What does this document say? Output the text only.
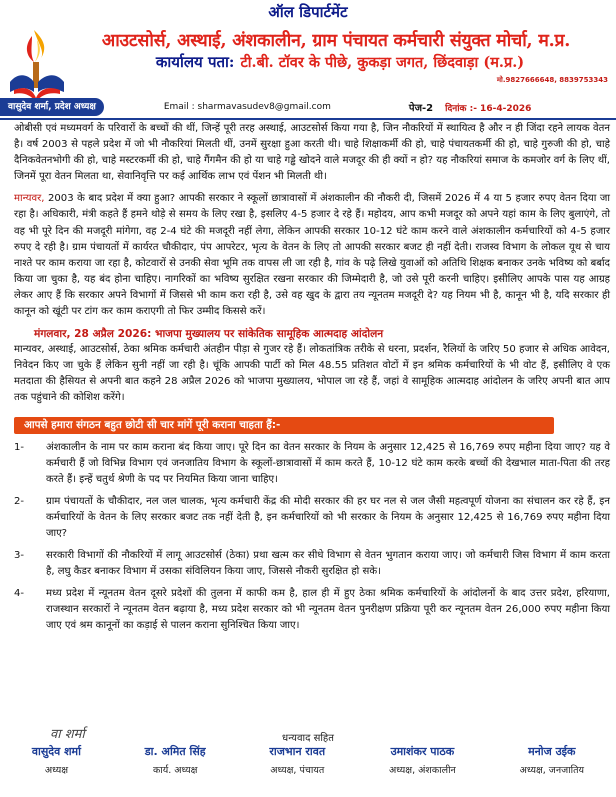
ऑल डिपार्टमेंट
आउटसोर्स, अस्थाई, अंशकालीन, ग्राम पंचायत कर्मचारी संयुक्त मोर्चा, म.प्र.
कार्यालय पता: टी.बी. टॉवर के पीछे, कुकड़ा जगत, छिंदवाड़ा (म.प्र.)
मो.9827666648, 8839753343
वासुदेव शर्मा, प्रदेश अध्यक्ष	Email : sharmavasudev8@gmail.com	पेज-2 दिनांक :- 16-4-2026

ओबीसी एवं मध्यमवर्ग के परिवारों के बच्चों की थीं, जिन्हें पूरी तरह अस्थाई, आउटसोर्स किया गया है, जिन नौकरियों में स्थायित्व है और न ही जिंदा रहने लायक वेतन है। वर्ष 2003 से पहले प्रदेश में जो भी नौकरियां मिलती थीं, उनमें सुरक्षा हुआ करती थी। चाहे शिक्षाकर्मी की हो, चाहे पंचायतकर्मी की हो, चाहे गुरुजी की हो, चाहे दैनिकवेतनभोगी की हो, चाहे मस्टरकर्मी की हो, चाहे गैंगमैन की हो या चाहे गड्ढे खोदने वाले मजदूर की ही क्यों न हो? यह नौकरियां समाज के कमजोर वर्ग के लिए थीं, जिनमें पूरा वेतन मिलता था, सेवानिवृत्ति पर कई आर्थिक लाभ एवं पेंशन भी मिलती थी।

मान्यवर, 2003 के बाद प्रदेश में क्या हुआ? आपकी सरकार ने स्कूलों छात्रावासों में अंशकालीन की नौकरी दी, जिसमें 2026 में 4 या 5 हजार रुपए वेतन दिया जा रहा है। अधिकारी, मंत्री कहते हैं हमने थोड़े से समय के लिए रखा है, इसलिए 4-5 हजार दे रहे हैं। महोदय, आप कभी मजदूर को अपने यहां काम के लिए बुलाएंगे, तो वह भी पूरे दिन की मजदूरी मांगेगा, वह 2-4 घंटे की मजदूरी नहीं लेगा, लेकिन आपकी सरकार 10-12 घंटे काम करने वाले अंशकालीन कर्मचारियों को 4-5 हजार रुपए दे रही है। ग्राम पंचायतों में कार्यरत चौकीदार, पंप आपरेटर, भृत्य के वेतन के लिए तो आपकी सरकार बजट ही नहीं देती। राजस्व विभाग के लोकल यूथ से चाय नाश्ते पर काम कराया जा रहा है, कोटवारों से उनकी सेवा भूमि तक वापस ली जा रही है, गांव के पढ़े लिखे युवाओं को अतिथि शिक्षक बनाकर उनके भविष्य को बर्बाद किया जा चुका है, यह बंद होना चाहिए। नागरिकों का भविष्य सुरक्षित रखना सरकार की जिम्मेदारी है, जो उसे पूरी करनी चाहिए। इसीलिए आपके पास यह आग्रह लेकर आए हैं कि सरकार अपने विभागों में जिससे भी काम करा रही है, उसे वह खुद के द्वारा तय न्यूनतम मजदूरी दे? यह नियम भी है, कानून भी है, यदि सरकार ही कानून को खूंटी पर टांग कर काम कराएगी तो फिर उम्मीद किससे करें।

मंगलवार, 28 अप्रैल 2026: भाजपा मुख्यालय पर सांकेतिक सामूहिक आत्मदाह आंदोलन

मान्यवर, अस्थाई, आउटसोर्स, ठेका श्रमिक कर्मचारी अंतहीन पीड़ा से गुजर रहे हैं। लोकतांत्रिक तरीके से धरना, प्रदर्शन, रैलियों के जरिए 50 हजार से अधिक आवेदन, निवेदन किए जा चुके हैं लेकिन सुनी नहीं जा रही है। चूंकि आपकी पार्टी को मिल 48.55 प्रतिशत वोटों में इन श्रमिक कर्मचारियों के भी वोट हैं, इसीलिए वे एक मतदाता की हैसियत से अपनी बात कहने 28 अप्रैल 2026 को भाजपा मुख्यालय, भोपाल जा रहे हैं, जहां वे सामूहिक आत्मदाह आंदोलन के जरिए अपनी बात आप तक पहुंचाने की कोशिश करेंगे।

आपसे हमारा संगठन बहुत छोटी सी चार मांगें पूरी कराना चाहता हैं:-
1-	अंशकालीन के नाम पर काम कराना बंद किया जाए। पूरे दिन का वेतन सरकार के नियम के अनुसार 12,425 से 16,769 रुपए महीना दिया जाए? यह वे कर्मचारी हैं जो विभिन्न विभाग एवं जनजातिय विभाग के स्कूलों-छात्रावासों में काम करते हैं, 10-12 घंटे काम करके बच्चों की देखभाल माता-पिता की तरह करते हैं। इन्हें चतुर्थ श्रेणी के पद पर नियमित किया जाना चाहिए।
2-	ग्राम पंचायतों के चौकीदार, नल जल चालक, भृत्य कर्मचारी केंद्र की मोदी सरकार की हर घर नल से जल जैसी महत्वपूर्ण योजना का संचालन कर रहे हैं, इन कर्मचारियों के वेतन के लिए सरकार बजट तक नहीं देती है, इन कर्मचारियों को भी सरकार के नियम के अनुसार 12,425 से 16,769 रुपए महीना दिया जाए?
3-	सरकारी विभागों की नौकरियों में लागू आउटसोर्स (ठेका) प्रथा खत्म कर सीधे विभाग से वेतन भुगतान कराया जाए। जो कर्मचारी जिस विभाग में काम करता है, लघु कैडर बनाकर विभाग में उसका संविलियन किया जाए, जिससे नौकरी सुरक्षित हो सके।
4-	मध्य प्रदेश में न्यूनतम वेतन दूसरे प्रदेशों की तुलना में काफी कम है, हाल ही में हुए ठेका श्रमिक कर्मचारियों के आंदोलनों के बाद उत्तर प्रदेश, हरियाणा, राजस्थान सरकारों ने न्यूनतम वेतन बढ़ाया है, मध्य प्रदेश सरकार को भी न्यूनतम वेतन पुनरीक्षण प्रक्रिया पूरी कर न्यूनतम वेतन 26,000 रुपए महीना किया जाए एवं श्रम कानूनों का कड़ाई से पालन कराना सुनिश्चित किया जाए।
वा शर्मा	धन्यवाद सहित
वासुदेव शर्मा
अध्यक्ष
डा. अमित सिंह
कार्य. अध्यक्ष
राजभान रावत
अध्यक्ष, पंचायत
उमाशंकर पाठक
अध्यक्ष, अंशकालीन
मनोज उईक
अध्यक्ष, जनजातिय
